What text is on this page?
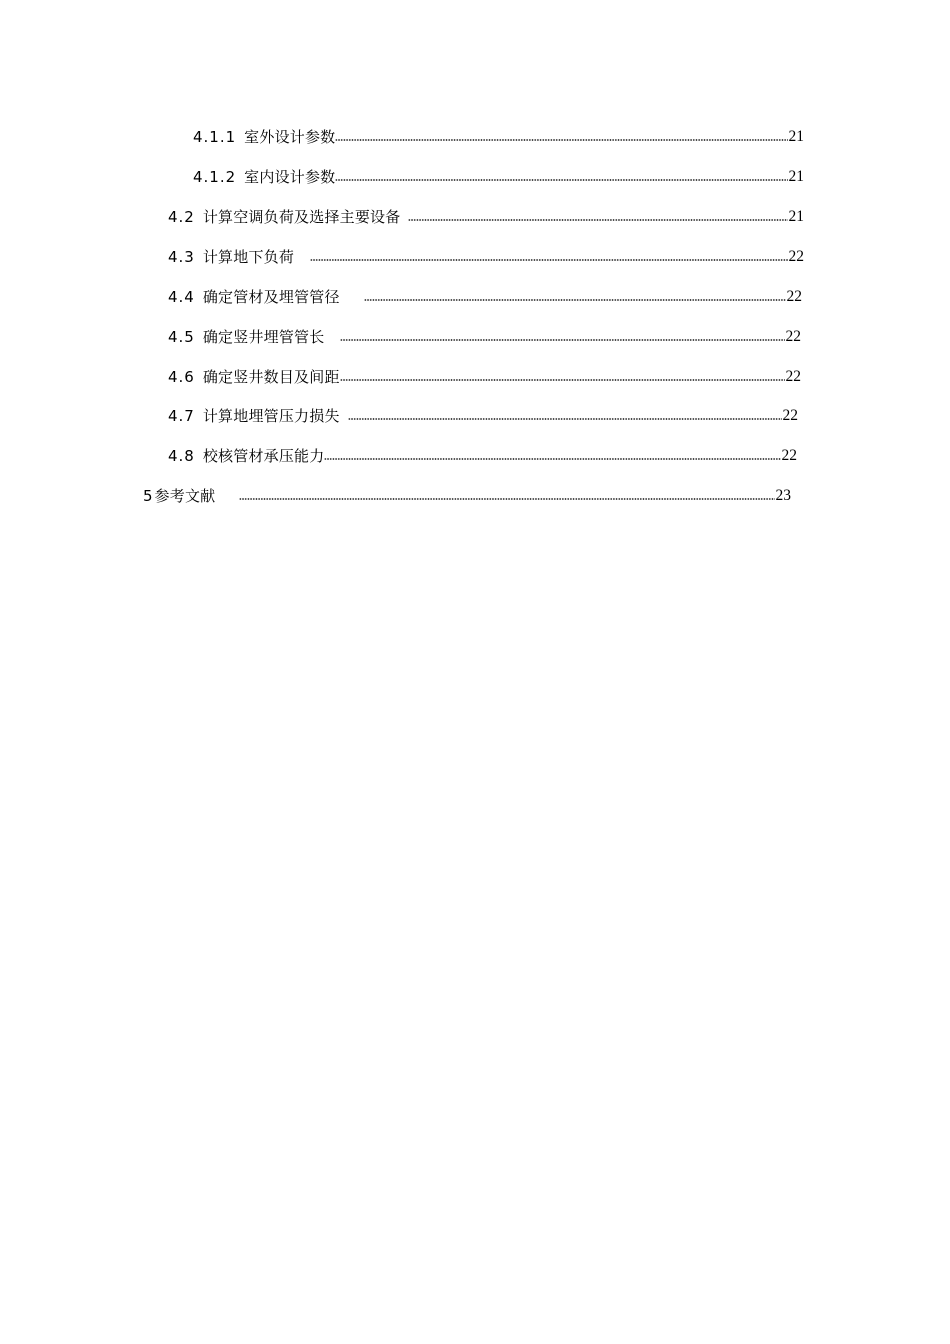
4.1.1 室外设计参数	21
4.1.2 室内设计参数	21
4.2 计算空调负荷及选择主要设备	21
4.3 计算地下负荷	22
4.4 确定管材及埋管管径	22
4.5 确定竖井埋管管长	22
4.6 确定竖井数目及间距	22
4.7 计算地埋管压力损失	22
4.8 校核管材承压能力	22
5 参考文献	23
